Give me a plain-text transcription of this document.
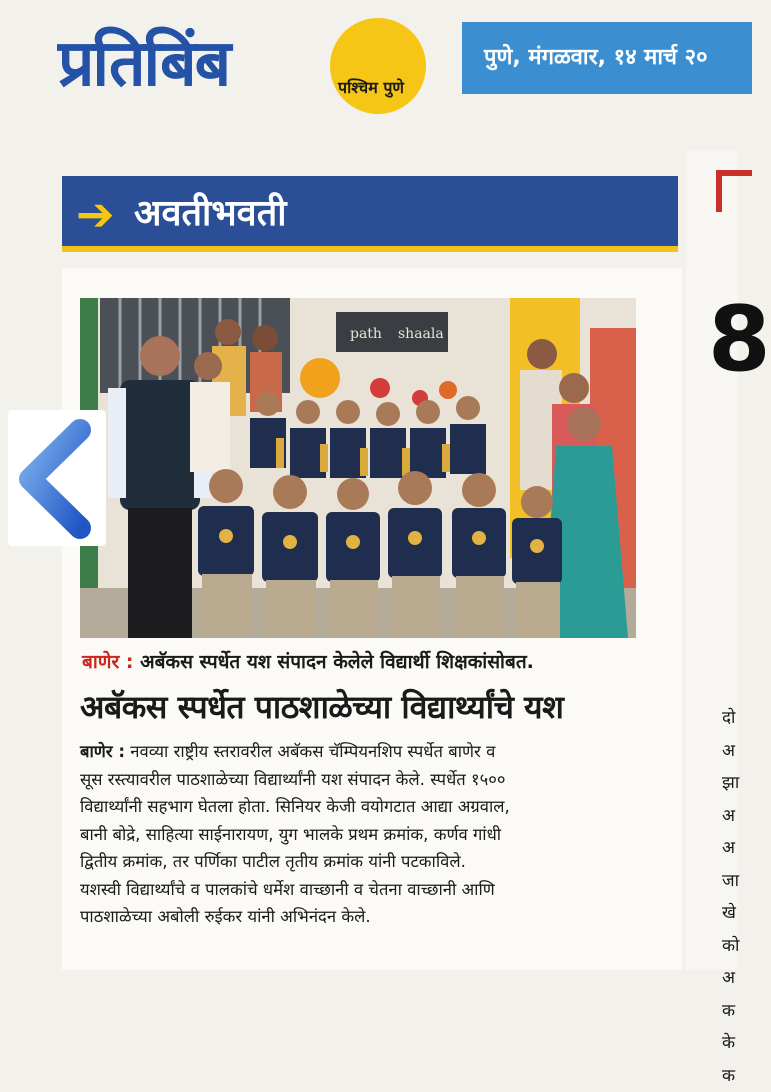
प्रतिबिंब	पश्चिम पुणे
पुणे, मंगळवार, १४ मार्च २०
8
दो
अ
झा
अ
अ
जा
खे
को
अ
क
के
क
➔ अवतीभवती
path shaala
बाणेर : अबॅकस स्पर्धेत यश संपादन केलेले विद्यार्थी शिक्षकांसोबत.
अबॅकस स्पर्धेत पाठशाळेच्या विद्यार्थ्यांचे यश
बाणेर : नवव्या राष्ट्रीय स्तरावरील अबॅकस चॅम्पियनशिप स्पर्धेत बाणेर व
सूस रस्त्यावरील पाठशाळेच्या विद्यार्थ्यांनी यश संपादन केले. स्पर्धेत १५००
विद्यार्थ्यांनी सहभाग घेतला होता. सिनियर केजी वयोगटात आद्या अग्रवाल,
बानी बोद्रे, साहित्या साईनारायण, युग भालके प्रथम क्रमांक, कर्णव गांधी
द्वितीय क्रमांक, तर पर्णिका पाटील तृतीय क्रमांक यांनी पटकाविले.
यशस्वी विद्यार्थ्यांचे व पालकांचे धर्मेश वाच्छानी व चेतना वाच्छानी आणि
पाठशाळेच्या अबोली रुईकर यांनी अभिनंदन केले.
